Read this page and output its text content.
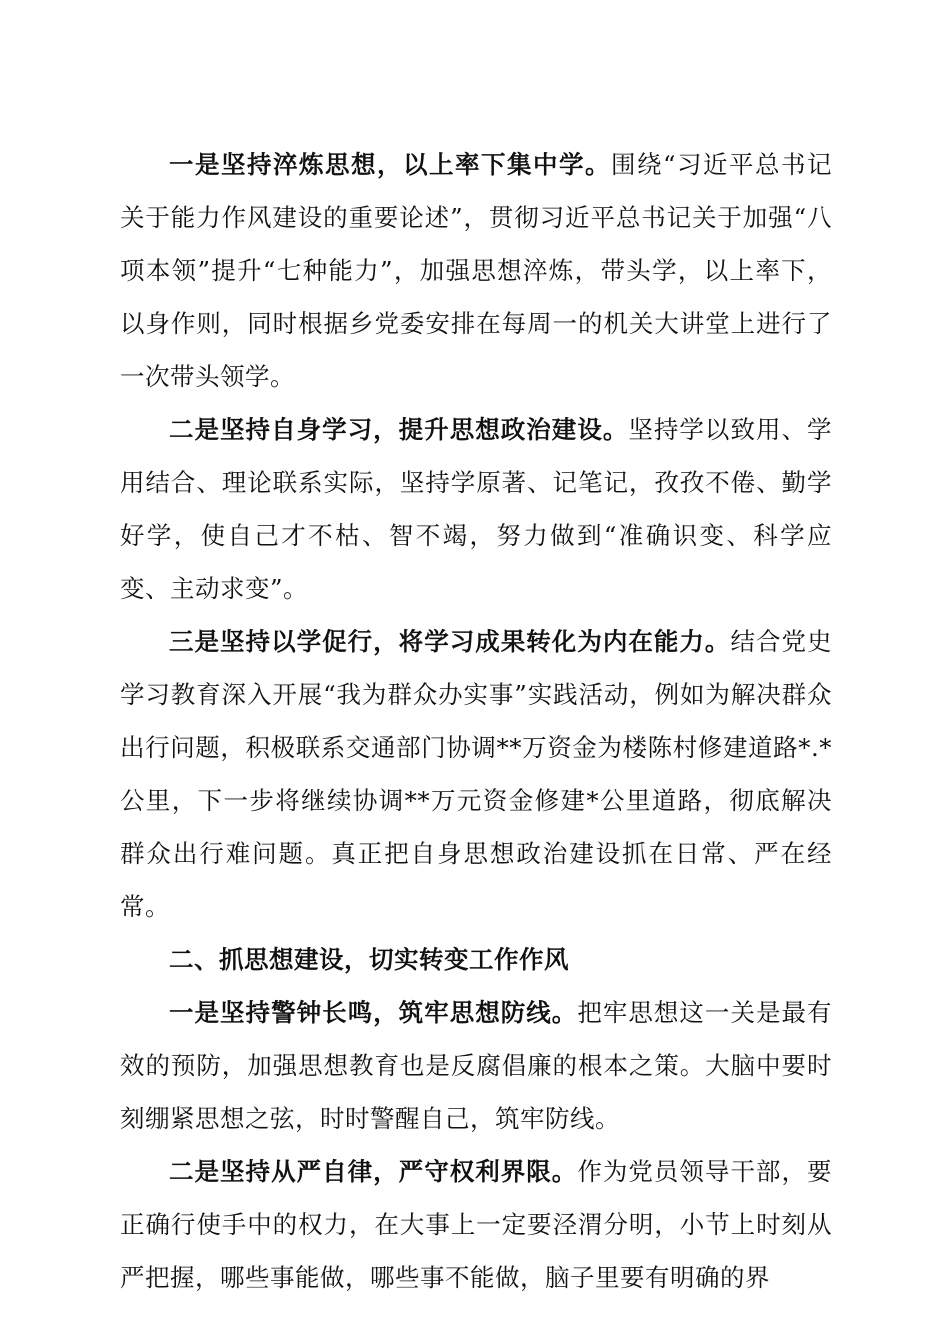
一是坚持淬炼思想，以上率下集中学。围绕“习近平总书记关于能力作风建设的重要论述”，贯彻习近平总书记关于加强“八项本领”提升“七种能力”，加强思想淬炼，带头学，以上率下，以身作则，同时根据乡党委安排在每周一的机关大讲堂上进行了一次带头领学。

二是坚持自身学习，提升思想政治建设。坚持学以致用、学用结合、理论联系实际，坚持学原著、记笔记，孜孜不倦、勤学好学，使自己才不枯、智不竭，努力做到“准确识变、科学应变、主动求变”。

三是坚持以学促行，将学习成果转化为内在能力。结合党史学习教育深入开展“我为群众办实事”实践活动，例如为解决群众出行问题，积极联系交通部门协调**万资金为楼陈村修建道路*.*公里，下一步将继续协调**万元资金修建*公里道路，彻底解决群众出行难问题。真正把自身思想政治建设抓在日常、严在经常。

二、抓思想建设，切实转变工作作风

一是坚持警钟长鸣，筑牢思想防线。把牢思想这一关是最有效的预防，加强思想教育也是反腐倡廉的根本之策。大脑中要时刻绷紧思想之弦，时时警醒自己，筑牢防线。

二是坚持从严自律，严守权利界限。作为党员领导干部，要正确行使手中的权力，在大事上一定要泾渭分明，小节上时刻从严把握，哪些事能做，哪些事不能做，脑子里要有明确的界
